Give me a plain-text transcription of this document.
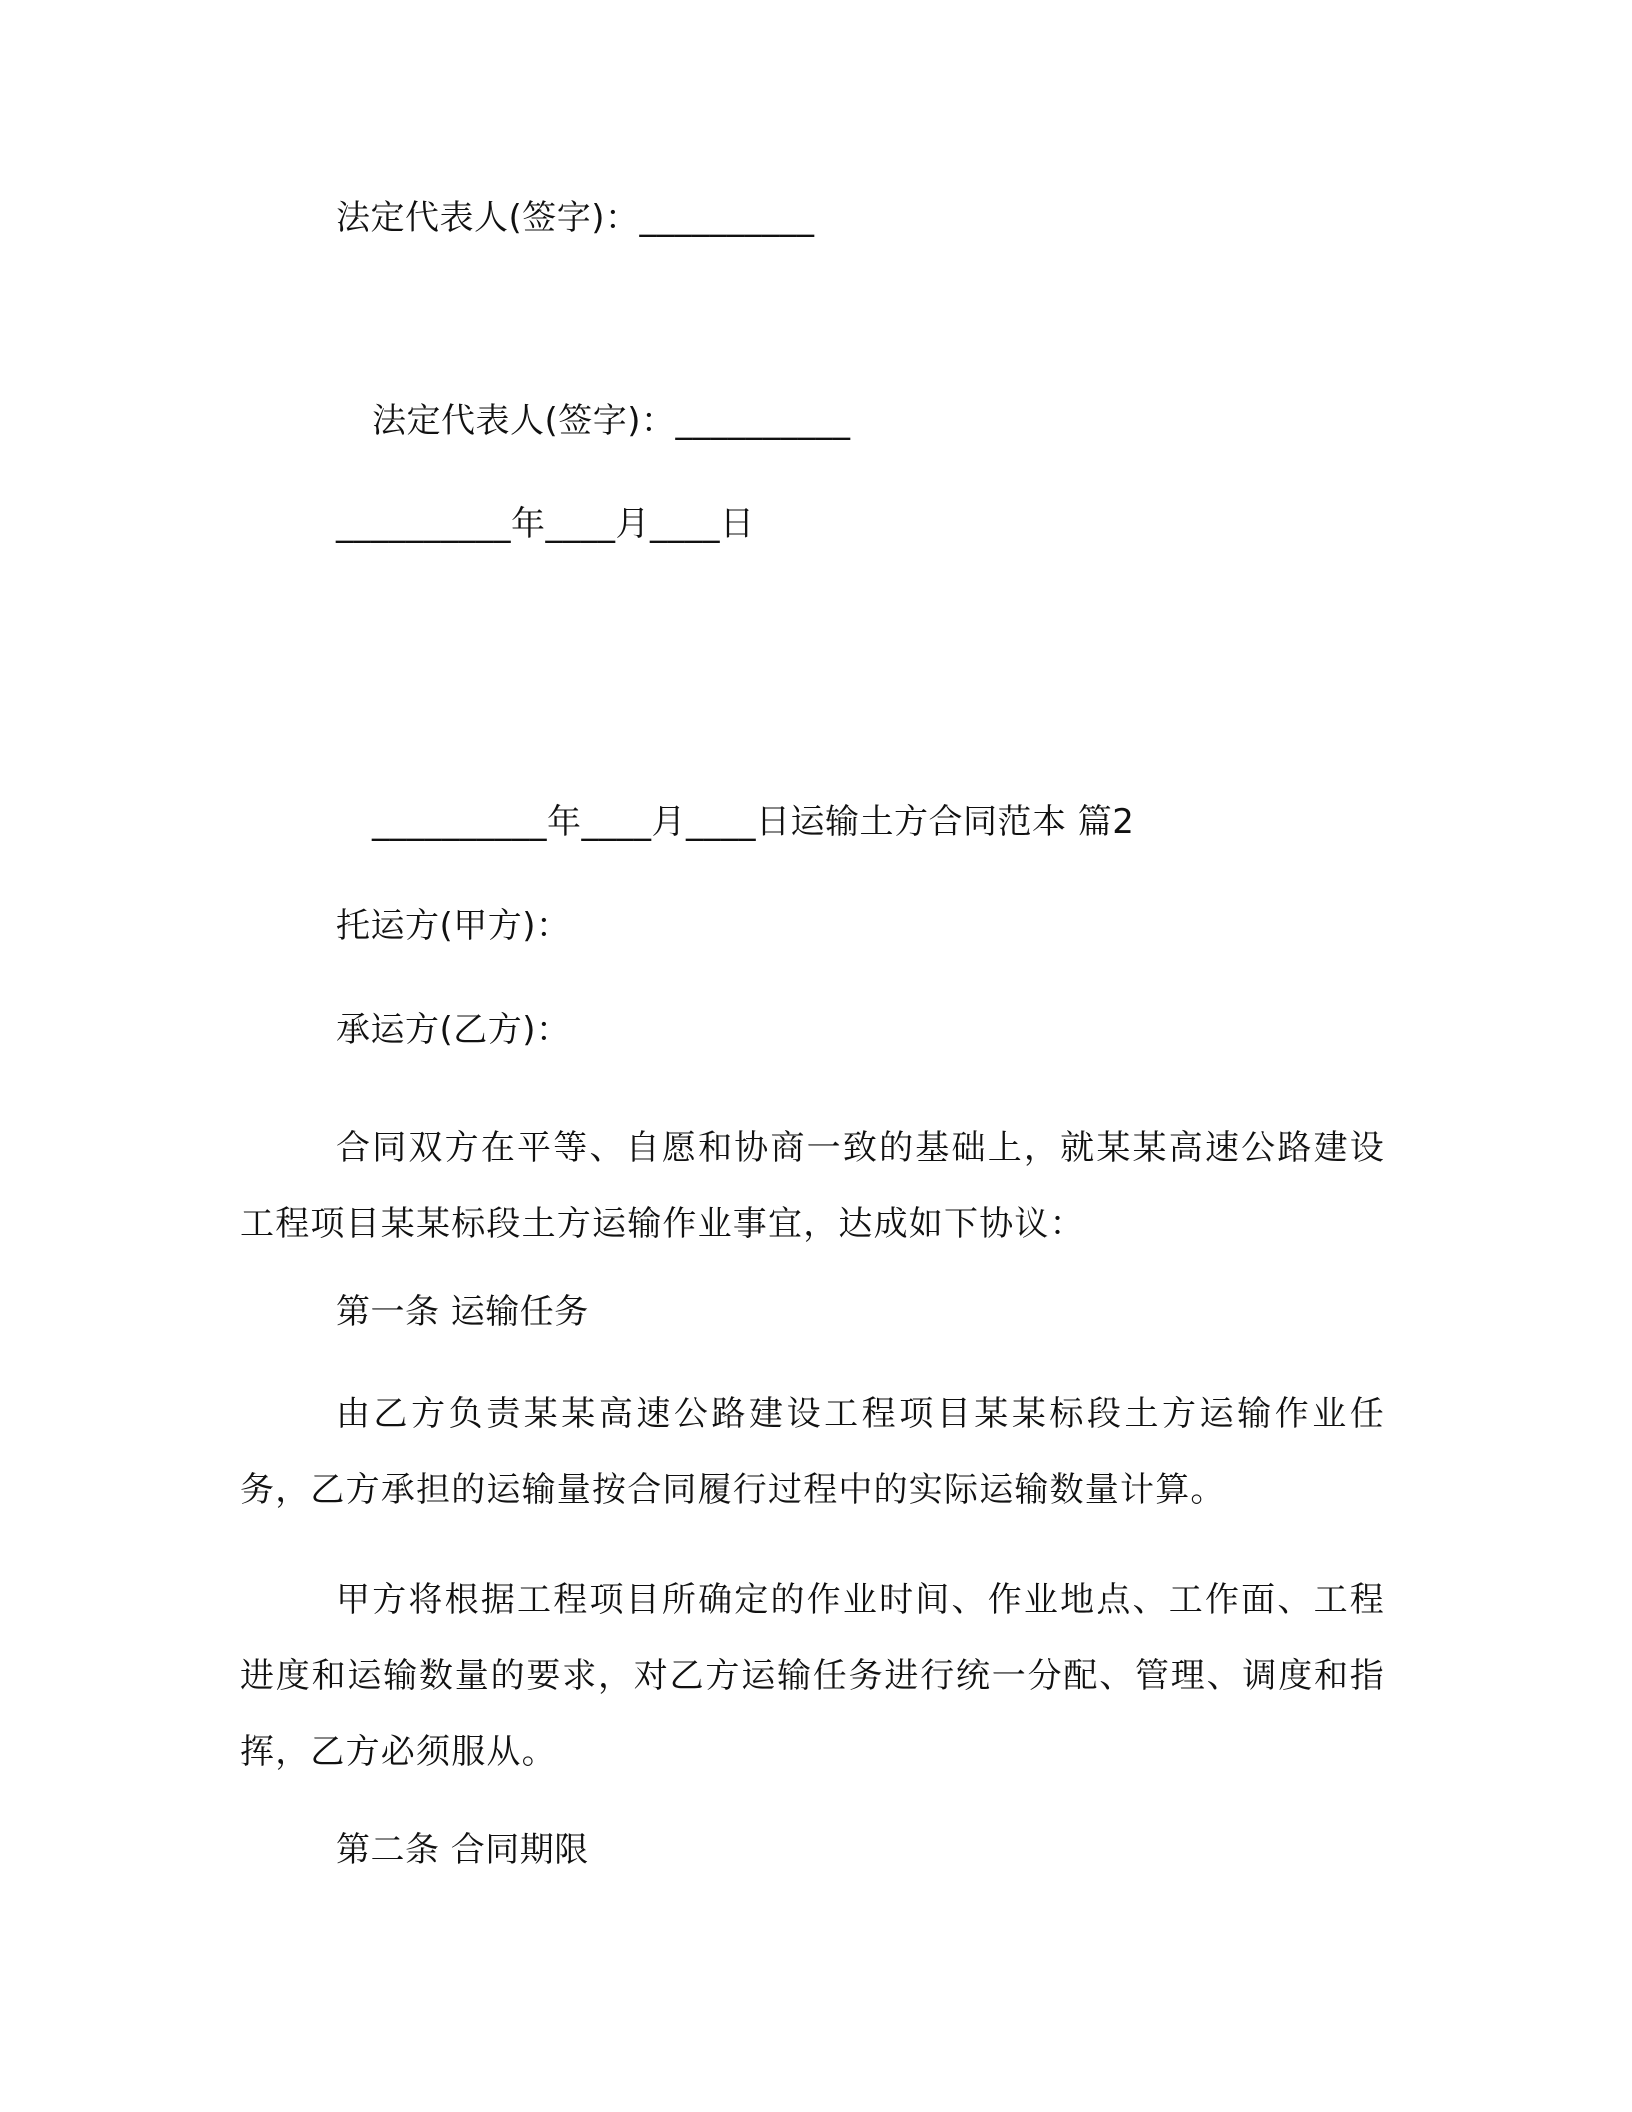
法定代表人(签字)：__________
法定代表人(签字)：__________
__________年____月____日
__________年____月____日运输土方合同范本 篇2
托运方(甲方)：
承运方(乙方)：
合同双方在平等、自愿和协商一致的基础上，就某某高速公路建设工程项目某某标段土方运输作业事宜，达成如下协议：
第一条 运输任务
由乙方负责某某高速公路建设工程项目某某标段土方运输作业任务，乙方承担的运输量按合同履行过程中的实际运输数量计算。
甲方将根据工程项目所确定的作业时间、作业地点、工作面、工程进度和运输数量的要求，对乙方运输任务进行统一分配、管理、调度和指挥，乙方必须服从。
第二条 合同期限
